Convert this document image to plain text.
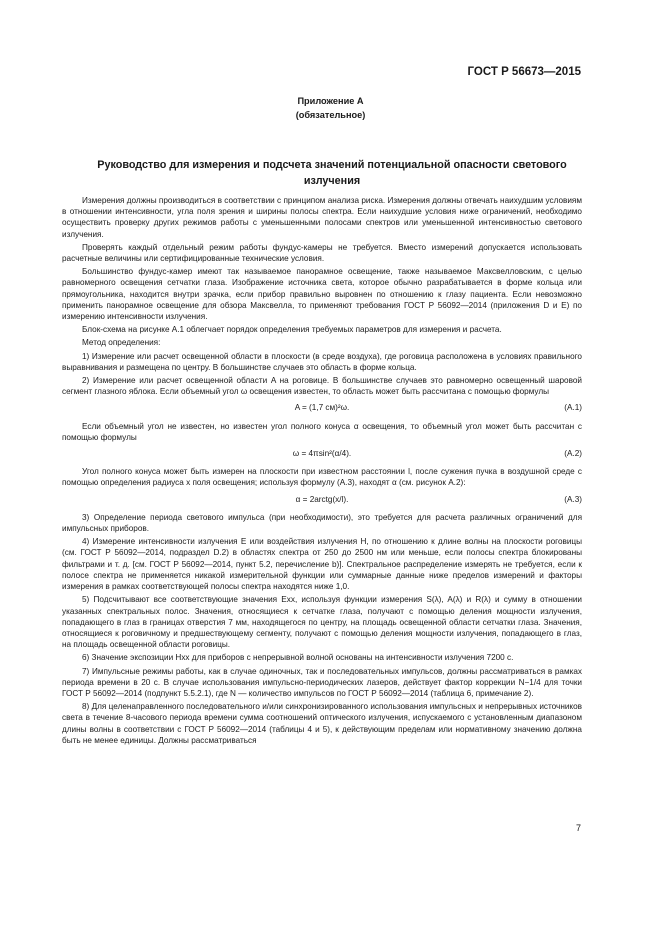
ГОСТ Р 56673—2015
Приложение А
(обязательное)
Руководство для измерения и подсчета значений потенциальной опасности светового излучения

Измерения должны производиться в соответствии с принципом анализа риска. Измерения должны отвечать наихудшим условиям в отношении интенсивности, угла поля зрения и ширины полосы спектра. Если наихудшие условия ниже ограничений, необходимо осуществить проверку других режимов работы с уменьшенными полосами спектров или уменьшенной интенсивностью светового излучения.

Проверять каждый отдельный режим работы фундус-камеры не требуется. Вместо измерений допускается использовать расчетные величины или сертифицированные технические условия.

Большинство фундус-камер имеют так называемое панорамное освещение, также называемое Максвелловским, с целью равномерного освещения сетчатки глаза. Изображение источника света, которое обычно разрабатывается в форме кольца или прямоугольника, находится внутри зрачка, если прибор правильно выровнен по отношению к глазу пациента. Если невозможно применить панорамное освещение для обзора Максвелла, то применяют требования ГОСТ Р 56092—2014 (приложения D и E) по измерению интенсивности излучения.

Блок-схема на рисунке А.1 облегчает порядок определения требуемых параметров для измерения и расчета.

Метод определения:

1) Измерение или расчет освещенной области в плоскости (в среде воздуха), где роговица расположена в условиях правильного выравнивания и размещена по центру. В большинстве случаев это область в форме кольца.

2) Измерение или расчет освещенной области A на роговице. В большинстве случаев это равномерно освещенный шаровой сегмент глазного яблока. Если объемный угол ω освещения известен, то область может быть рассчитана с помощью формулы

A = (1,7 см)²ω.	(А.1)

Если объемный угол не известен, но известен угол полного конуса α освещения, то объемный угол может быть рассчитан с помощью формулы

ω = 4πsin²(α/4).	(А.2)

Угол полного конуса может быть измерен на плоскости при известном расстоянии l, после сужения пучка в воздушной среде с помощью определения радиуса x поля освещения; используя формулу (А.3), находят α (см. рисунок А.2):

α = 2arctg(x/l).	(А.3)

3) Определение периода светового импульса (при необходимости), это требуется для расчета различных ограничений для импульсных приборов.

4) Измерение интенсивности излучения E или воздействия излучения H, по отношению к длине волны на плоскости роговицы (см. ГОСТ Р 56092—2014, подраздел D.2) в областях спектра от 250 до 2500 нм или меньше, если полосы спектра блокированы фильтрами и т. д. [см. ГОСТ Р 56092—2014, пункт 5.2, перечисление b)]. Спектральное распределение измерять не требуется, если к полосе спектра не применяется никакой измерительной функции или суммарные данные ниже пределов измерений и факторы измерения в рамках соответствующей полосы спектра находятся ниже 1,0.

5) Подсчитывают все соответствующие значения Exx, используя функции измерения S(λ), A(λ) и R(λ) и сумму в отношении указанных спектральных полос. Значения, относящиеся к сетчатке глаза, получают с помощью деления мощности излучения, попадающего в глаз в границах отверстия 7 мм, находящегося по центру, на площадь освещенной области сетчатки глаза. Значения, относящиеся к роговичному и предшествующему сегменту, получают с помощью деления мощности излучения, попадающего в глаз, на площадь освещенной области роговицы.

6) Значение экспозиции Hxx для приборов с непрерывной волной основаны на интенсивности излучения 7200 с.

7) Импульсные режимы работы, как в случае одиночных, так и последовательных импульсов, должны рассматриваться в рамках периода времени в 20 с. В случае использования импульсно-периодических лазеров, действует фактор коррекции N−1/4 для точки ГОСТ Р 56092—2014 (подпункт 5.5.2.1), где N — количество импульсов по ГОСТ Р 56092—2014 (таблица 6, примечание 2).

8) Для целенаправленного последовательного и/или синхронизированного использования импульсных и непрерывных источников света в течение 8-часового периода времени сумма соотношений оптического излучения, испускаемого с установленным диапазоном длины волны в соответствии с ГОСТ Р 56092—2014 (таблицы 4 и 5), к действующим пределам или нормативному значению должна быть не менее единицы. Должны рассматриваться

7
